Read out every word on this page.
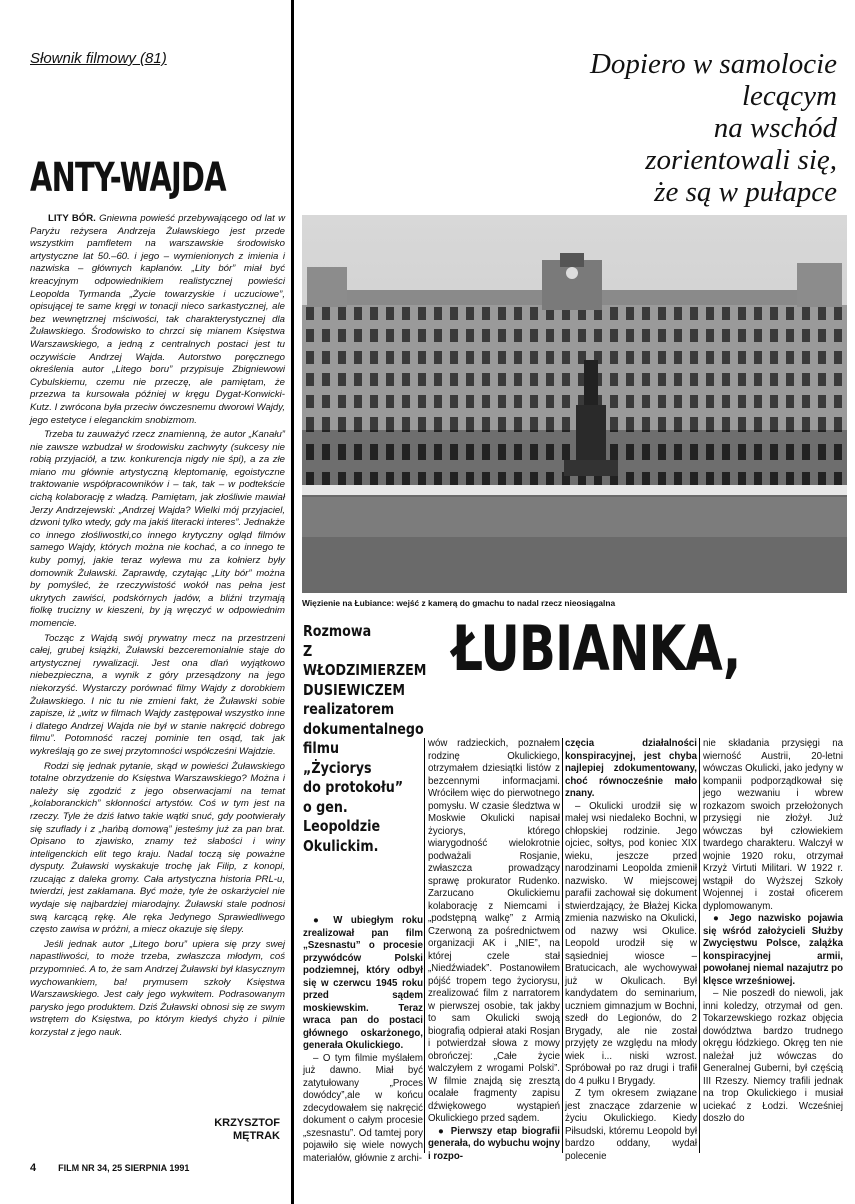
Słownik filmowy (81)
ANTY-WAJDA

LITY BÓR. Gniewna powieść przebywającego od lat w Paryżu reżysera Andrzeja Żuławskiego jest przede wszystkim pamfletem na warszawskie środowisko artystyczne lat 50.–60. i jego – wymienionych z imienia i nazwiska – głównych kapłanów. „Lity bór” miał być kreacyjnym odpowiednikiem realistycznej powieści Leopolda Tyrmanda „Życie towarzyskie i uczuciowe”, opisującej te same kręgi w tonacji nieco sarkastycznej, ale bez wewnętrznej mściwości, tak charakterystycznej dla Żuławskiego. Środowisko to chrzci się mianem Księstwa Warszawskiego, a jedną z centralnych postaci jest tu oczywiście Andrzej Wajda. Autorstwo poręcznego określenia autor „Litego boru” przypisuje Zbigniewowi Cybulskiemu, czemu nie przeczę, ale pamiętam, że przezwa ta kursowała później w kręgu Dygat-Konwicki-Kutz. I zwrócona była przeciw ówczesnemu dworowi Wajdy, jego estetyce i eleganckim snobizmom.

Trzeba tu zauważyć rzecz znamienną, że autor „Kanału” nie zawsze wzbudzał w środowisku zachwyty (sukcesy nie robią przyjaciół, a tzw. konkurencja nigdy nie śpi), a za złe miano mu głównie artystyczną kleptomanię, egoistyczne traktowanie współpracowników i – tak, tak – w podtekście cichą kolaborację z władzą. Pamiętam, jak złośliwie mawiał Jerzy Andrzejewski: „Andrzej Wajda? Wielki mój przyjaciel, dzwoni tylko wtedy, gdy ma jakiś literacki interes”. Jednakże co innego złośliwostki,co innego krytyczny ogląd filmów samego Wajdy, których można nie kochać, a co innego te kuby pomyj, jakie teraz wylewa mu za kołnierz były domownik Żuławski. Zaprawdę, czytając „Lity bór” można by pomyśleć, że rzeczywistość wokół nas pełna jest ukrytych zawiści, podskórnych jadów, a bliźni trzymają fiolkę trucizny w kieszeni, by ją wręczyć w odpowiednim momencie.

Tocząc z Wajdą swój prywatny mecz na przestrzeni całej, grubej książki, Żuławski bezceremonialnie staje do artystycznej rywalizacji. Jest ona dlań wyjątkowo niebezpieczna, a wynik z góry przesądzony na jego niekorzyść. Wystarczy porównać filmy Wajdy z dorobkiem Żuławskiego. I nic tu nie zmieni fakt, że Żuławski sobie zapisze, iż „witz w filmach Wajdy zastępował wszystko inne i dlatego Andrzej Wajda nie był w stanie nakręcić dobrego filmu”. Potomność raczej pominie ten osąd, tak jak wykreślają go ze swej przytomności współcześni Wajdzie.

Rodzi się jednak pytanie, skąd w powieści Żuławskiego totalne obrzydzenie do Księstwa Warszawskiego? Można i należy się zgodzić z jego obserwacjami na temat „kolaboranckich” skłonności artystów. Coś w tym jest na rzeczy. Tyle że dziś łatwo takie wątki snuć, gdy pootwierały się szuflady i z „hańbą domową” jesteśmy już za pan brat. Opisano to zjawisko, znamy też słabości i winy inteligenckich elit tego kraju. Nadal toczą się poważne dysputy. Żuławski wyskakuje trochę jak Filip, z konopi, rzucając z daleka gromy. Cała artystyczna historia PRL-u, twierdzi, jest zakłamana. Być może, tyle że oskarżyciel nie wydaje się najbardziej miarodajny. Żuławski stale podnosi swą karcącą rękę. Ale ręka Jedynego Sprawiedliwego często zawisa w próżni, a miecz okazuje się ślepy.

Jeśli jednak autor „Litego boru” upiera się przy swej napastliwości, to może trzeba, zwłaszcza młodym, coś przypomnieć. A to, że sam Andrzej Żuławski był klasycznym wychowankiem, ba! prymusem szkoły Księstwa Warszawskiego. Jest cały jego wykwitem. Podrasowanym parysko jego produktem. Dziś Żuławski obnosi się ze swym wstrętem do Księstwa, po którym kiedyś chyżo i pilnie korzystał z jego nauk.

KRZYSZTOF
MĘTRAK
Dopiero w samolocie
lecącym
na wschód
zorientowali się,
że są w pułapce
Więzienie na Łubiance: wejść z kamerą do gmachu to nadal rzecz nieosiągalna
Rozmowa
Z WŁODZIMIERZEM
DUSIEWICZEM
realizatorem
dokumentalnego
filmu
„Życiorys
do protokołu”
o gen.
Leopoldzie
Okulickim.
ŁUBIANKA,

● W ubiegłym roku zrealizował pan film „Szesnastu” o procesie przywódców Polski podziemnej, który odbył się w czerwcu 1945 roku przed sądem moskiewskim. Teraz wraca pan do postaci głównego oskarżonego, generała Okulickiego.

– O tym filmie myślałem już dawno. Miał być zatytułowany „Proces dowódcy”,ale w końcu zdecydowałem się nakręcić dokument o całym procesie „szesnastu”. Od tamtej pory pojawiło się wiele nowych materiałów, głównie z archi-

wów radzieckich, poznałem rodzinę Okulickiego, otrzymałem dziesiątki listów z bezcennymi informacjami. Wróciłem więc do pierwotnego pomysłu. W czasie śledztwa w Moskwie Okulicki napisał życiorys, którego wiarygodność wielokrotnie podważali Rosjanie, zwłaszcza prowadzący sprawę prokurator Rudenko. Zarzucano Okulickiemu kolaborację z Niemcami i „podstępną walkę” z Armią Czerwoną za pośrednictwem organizacji AK i „NIE”, na której czele stał „Niedźwiadek”. Postanowiłem pójść tropem tego życiorysu, zrealizować film z narratorem w pierwszej osobie, tak jakby to sam Okulicki swoją biografią odpierał ataki Rosjan i potwierdzał słowa z mowy obrończej: „Całe życie walczyłem z wrogami Polski”. W filmie znajdą się zresztą ocalałe fragmenty zapisu dźwiękowego wystąpień Okulickiego przed sądem.

● Pierwszy etap biografii generała, do wybuchu wojny i rozpo-

częcia działalności konspiracyjnej, jest chyba najlepiej zdokumentowany, choć równocześnie mało znany.

– Okulicki urodził się w małej wsi niedaleko Bochni, w chłopskiej rodzinie. Jego ojciec, sołtys, pod koniec XIX wieku, jeszcze przed narodzinami Leopolda zmienił nazwisko. W miejscowej parafii zachował się dokument stwierdzający, że Błażej Kicka zmienia nazwisko na Okulicki, od nazwy wsi Okulice. Leopold urodził się w sąsiedniej wiosce – Bratucicach, ale wychowywał już w Okulicach. Był kandydatem do seminarium, uczniem gimnazjum w Bochni, szedł do Legionów, do 2 Brygady, ale nie został przyjęty ze względu na młody wiek i... niski wzrost. Spróbował po raz drugi i trafił do 4 pułku I Brygady.

Z tym okresem związane jest znaczące zdarzenie w życiu Okulickiego. Kiedy Piłsudski, któremu Leopold był bardzo oddany, wydał polecenie

nie składania przysięgi na wierność Austrii, 20-letni wówczas Okulicki, jako jedyny w kompanii podporządkował się jego wezwaniu i wbrew rozkazom swoich przełożonych przysięgi nie złożył. Już wówczas był człowiekiem twardego charakteru. Walczył w wojnie 1920 roku, otrzymał Krzyż Virtuti Militari. W 1922 r. wstąpił do Wyższej Szkoły Wojennej i został oficerem dyplomowanym.

● Jego nazwisko pojawia się wśród założycieli Służby Zwycięstwu Polsce, zalążka konspiracyjnej armii, powołanej niemal nazajutrz po klęsce wrześniowej.

– Nie poszedł do niewoli, jak inni koledzy, otrzymał od gen. Tokarzewskiego rozkaz objęcia dowództwa bardzo trudnego okręgu łódzkiego. Okręg ten nie należał już wówczas do Generalnej Guberni, był częścią III Rzeszy. Niemcy trafili jednak na trop Okulickiego i musiał uciekać z Łodzi. Wcześniej doszło do

4 FILM NR 34, 25 SIERPNIA 1991
